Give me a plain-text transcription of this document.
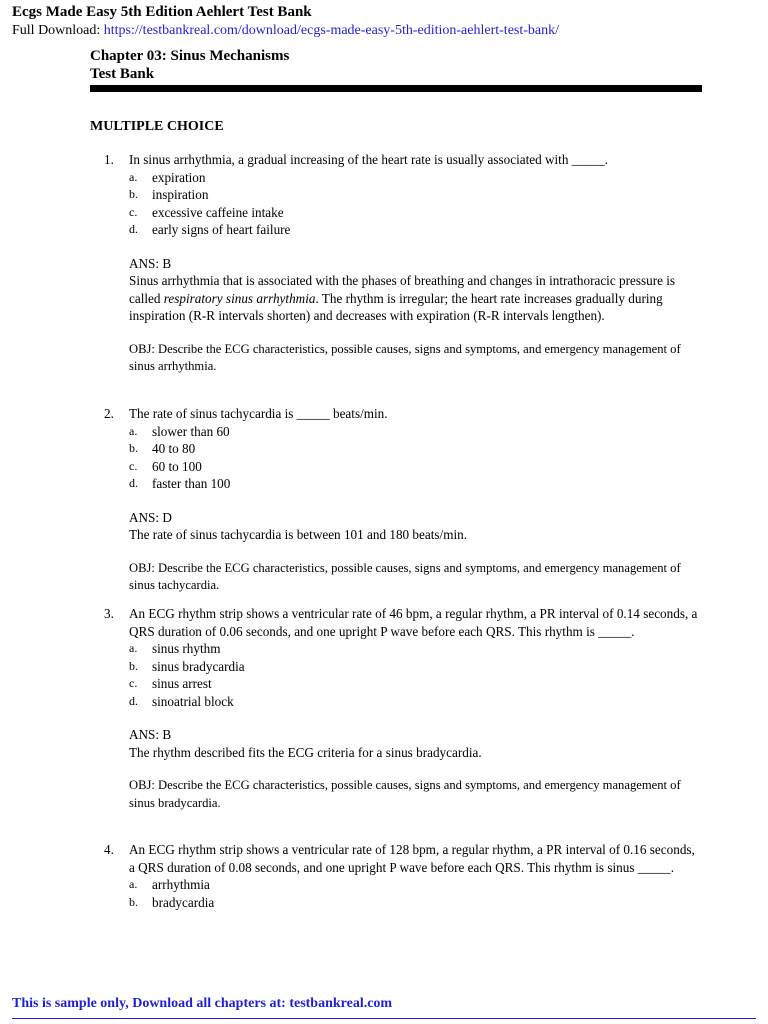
Ecgs Made Easy 5th Edition Aehlert Test Bank
Full Download: https://testbankreal.com/download/ecgs-made-easy-5th-edition-aehlert-test-bank/
Chapter 03: Sinus Mechanisms
Test Bank
MULTIPLE CHOICE
1.	In sinus arrhythmia, a gradual increasing of the heart rate is usually associated with _____.
a.	expiration
b.	inspiration
c.	excessive caffeine intake
d.	early signs of heart failure
ANS: B
Sinus arrhythmia that is associated with the phases of breathing and changes in intrathoracic pressure is called respiratory sinus arrhythmia. The rhythm is irregular; the heart rate increases gradually during inspiration (R-R intervals shorten) and decreases with expiration (R-R intervals lengthen).
OBJ: Describe the ECG characteristics, possible causes, signs and symptoms, and emergency management of sinus arrhythmia.
2.	The rate of sinus tachycardia is _____ beats/min.
a.	slower than 60
b.	40 to 80
c.	60 to 100
d.	faster than 100
ANS: D
The rate of sinus tachycardia is between 101 and 180 beats/min.
OBJ: Describe the ECG characteristics, possible causes, signs and symptoms, and emergency management of sinus tachycardia.
3.	An ECG rhythm strip shows a ventricular rate of 46 bpm, a regular rhythm, a PR interval of 0.14 seconds, a QRS duration of 0.06 seconds, and one upright P wave before each QRS. This rhythm is _____.
a.	sinus rhythm
b.	sinus bradycardia
c.	sinus arrest
d.	sinoatrial block
ANS: B
The rhythm described fits the ECG criteria for a sinus bradycardia.
OBJ: Describe the ECG characteristics, possible causes, signs and symptoms, and emergency management of sinus bradycardia.
4.	An ECG rhythm strip shows a ventricular rate of 128 bpm, a regular rhythm, a PR interval of 0.16 seconds, a QRS duration of 0.08 seconds, and one upright P wave before each QRS. This rhythm is sinus _____.
a.	arrhythmia
b.	bradycardia
This is sample only, Download all chapters at: testbankreal.com
